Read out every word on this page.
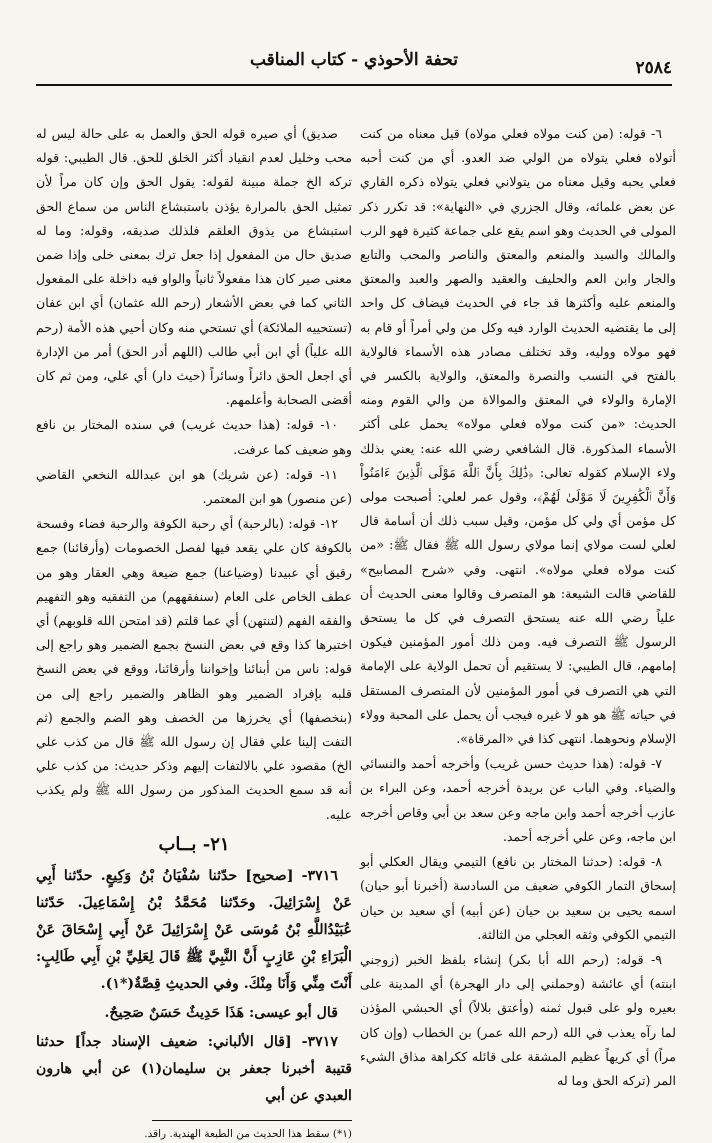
٢٥٨٤
تحفة الأحوذي - كتاب المناقب

٦- قوله: (من كنت مولاه فعلي مولاه) قيل معناه من كنت أتولاه فعلي يتولاه من الولي ضد العدو. أي من كنت أحبه فعلي يحبه وقيل معناه من يتولاني فعلي يتولاه ذكره القاري عن بعض علمائه، وقال الجزري في «النهاية»: قد تكرر ذكر المولى في الحديث وهو اسم يقع على جماعة كثيرة فهو الرب والمالك والسيد والمنعم والمعتق والناصر والمحب والتابع والجار وابن العم والحليف والعقيد والصهر والعبد والمعتق والمنعم عليه وأكثرها قد جاء في الحديث فيضاف كل واحد إلى ما يقتضيه الحديث الوارد فيه وكل من ولي أمراً أو قام به فهو مولاه ووليه، وقد تختلف مصادر هذه الأسماء فالولاية بالفتح في النسب والنصرة والمعتق، والولاية بالكسر في الإمارة والولاء في المعتق والموالاة من والي القوم ومنه الحديث: «من كنت مولاه فعلي مولاه» يحمل على أكثر الأسماء المذكورة. قال الشافعي رضي الله عنه: يعني بذلك ولاء الإسلام كقوله تعالى: ﴿ذَٰلِكَ بِأَنَّ ٱللَّهَ مَوْلَى ٱلَّذِينَ ءَامَنُواْ وَأَنَّ ٱلْكَٰفِرِينَ لَا مَوْلَىٰ لَهُمْ﴾، وقول عمر لعلي: أصبحت مولى كل مؤمن أي ولي كل مؤمن، وقيل سبب ذلك أن أسامة قال لعلي لست مولاي إنما مولاي رسول الله ﷺ فقال ﷺ: «من كنت مولاه فعلي مولاه». انتهى. وفي «شرح المصابيح» للقاضي قالت الشيعة: هو المتصرف وقالوا معنى الحديث أن علياً رضي الله عنه يستحق التصرف في كل ما يستحق الرسول ﷺ التصرف فيه. ومن ذلك أمور المؤمنين فيكون إمامهم، قال الطيبي: لا يستقيم أن تحمل الولاية على الإمامة التي هي التصرف في أمور المؤمنين لأن المتصرف المستقل في حياته ﷺ هو هو لا غيره فيجب أن يحمل على المحبة وولاء الإسلام ونحوهما. انتهى كذا في «المرقاة».

٧- قوله: (هذا حديث حسن غريب) وأخرجه أحمد والنسائي والضياء. وفي الباب عن بريدة أخرجه أحمد، وعن البراء بن عازب أخرجه أحمد وابن ماجه وعن سعد بن أبي وقاص أخرجه ابن ماجه، وعن علي أخرجه أحمد.

٨- قوله: (حدثنا المختار بن نافع) التيمي ويقال العكلي أبو إسحاق التمار الكوفي ضعيف من السادسة (أخبرنا أبو حيان) اسمه يحيى بن سعيد بن حيان (عن أبيه) أي سعيد بن حيان التيمي الكوفي وثقه العجلي من الثالثة.

٩- قوله: (رحم الله أبا بكر) إنشاء بلفظ الخبر (زوجني ابنته) أي عائشة (وحملني إلى دار الهجرة) أي المدينة على بعيره ولو على قبول ثمنه (وأعتق بلالاً) أي الحبشي المؤذن لما رآه يعذب في الله (رحم الله عمر) بن الخطاب (وإن كان مراً) أي كريهاً عظيم المشقة على قائله ككراهة مذاق الشيء المر (تركه الحق وما له

صديق) أي صيره قوله الحق والعمل به على حالة ليس له محب وخليل لعدم انقياد أكثر الخلق للحق. قال الطيبي: قوله تركه الخ جملة مبينة لقوله: يقول الحق وإن كان مراً لأن تمثيل الحق بالمرارة يؤذن باستبشاع الناس من سماع الحق استبشاع من يذوق العلقم فلذلك صديقه، وقوله: وما له صديق حال من المفعول إذا جعل ترك بمعنى خلى وإذا ضمن معنى صير كان هذا مفعولاً ثانياً والواو فيه داخلة على المفعول الثاني كما في بعض الأشعار (رحم الله عثمان) أي ابن عفان (تستحييه الملائكة) أي تستحي منه وكان أحيي هذه الأمة (رحم الله علياً) أي ابن أبي طالب (اللهم أدر الحق) أمر من الإدارة أي اجعل الحق دائراً وسائراً (حيث دار) أي علي، ومن ثم كان أقضى الصحابة وأعلمهم.

١٠- قوله: (هذا حديث غريب) في سنده المختار بن نافع وهو ضعيف كما عرفت.

١١- قوله: (عن شريك) هو ابن عبدالله النخعي القاضي (عن منصور) هو ابن المعتمر.

١٢- قوله: (بالرحبة) أي رحبة الكوفة والرحبة فضاء وفسحة بالكوفة كان علي يقعد فيها لفصل الخصومات (وأرقائنا) جمع رقيق أي عبيدنا (وضياعنا) جمع ضيعة وهي العقار وهو من عطف الخاص على العام (سنفقههم) من التفقيه وهو التفهيم والفقه الفهم (لتنتهن) أي عما قلتم (قد امتحن الله قلوبهم) أي اختبرها كذا وقع في بعض النسخ بجمع الضمير وهو راجع إلى قوله: ناس من أبنائنا وإخواننا وأرقائنا، ووقع في بعض النسخ قلبه بإفراد الضمير وهو الظاهر والضمير راجع إلى من (بنخصفها) أي يخرزها من الخصف وهو الضم والجمع (ثم التفت إلينا علي فقال إن رسول الله ﷺ قال من كذب علي الخ) مقصود علي بالالتفات إليهم وذكر حديث: من كذب علي أنه قد سمع الحديث المذكور من رسول الله ﷺ ولم يكذب عليه.

٢١- بــاب

٣٧١٦- [صحيح] حدّثنا سُفْيَانُ بْنُ وَكِيعٍ. حدّثنا أَبِي عَنْ إِسْرَائِيلَ. وحَدّثنا مُحَمَّدُ بْنُ إِسْمَاعِيلَ. حَدّثنا عُبَيْدُاللَّهِ بْنُ مُوسَى عَنْ إِسْرَائِيلَ عَنْ أَبِي إِسْحَاقَ عَنْ الْبَرَاءِ بْنِ عَازِبٍ أَنَّ النَّبِيَّ ﷺ قَالَ لِعَلِيِّ بْنِ أَبِي طَالِبٍ: أَنْتَ مِنِّي وَأَنَا مِنْكَ. وفي الحديثِ قِصَّةٌ(*١).

قال أبو عيسى: هَذَا حَدِيثٌ حَسَنٌ صَحِيحٌ.

٣٧١٧- [قال الألباني: ضعيف الإسناد جداً] حدثنا قتيبة أخبرنا جعفر بن سليمان(١) عن أبي هارون العبدي عن أبي

(١*) سقط هذا الحديث من الطبعة الهندية. راقد.
